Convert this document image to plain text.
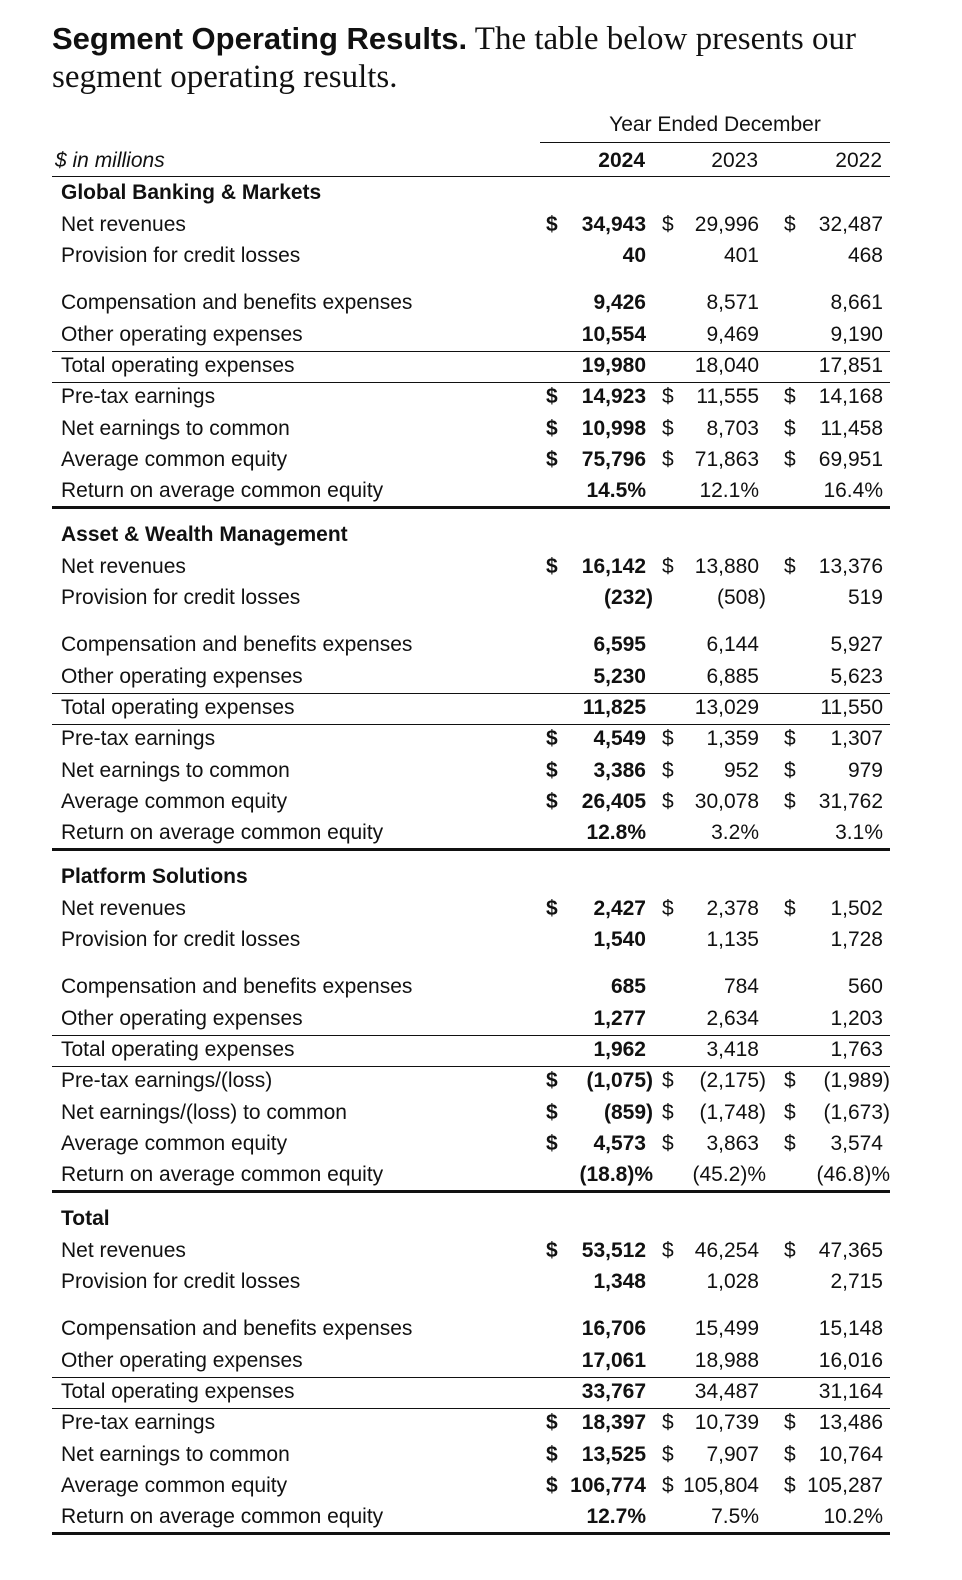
Segment Operating Results. The table below presents our segment operating results.
Year Ended December
$ in millions	2024	2023	2022
Global Banking & Markets
Net revenues	$ 34,943 $ 29,996 $ 32,487
Provision for credit losses	40	401	468
Compensation and benefits expenses	9,426	8,571	8,661
Other operating expenses	10,554	9,469	9,190
Total operating expenses	19,980 18,040	17,851
Pre-tax earnings	$ 14,923 $ 11,555 $ 14,168
Net earnings to common	$ 10,998 $ 8,703 $ 11,458
Average common equity	$ 75,796 $ 71,863 $ 69,951
Return on average common equity	14.5%	12.1%	16.4%
Asset & Wealth Management
Net revenues	$ 16,142 $ 13,880 $ 13,376
Provision for credit losses	(232)	(508)	519
Compensation and benefits expenses	6,595	6,144	5,927
Other operating expenses	5,230	6,885	5,623
Total operating expenses	11,825 13,029	11,550
Pre-tax earnings	$ 4,549 $ 1,359 $ 1,307
Net earnings to common	$ 3,386 $ 952 $ 979
Average common equity	$ 26,405 $ 30,078 $ 31,762
Return on average common equity	12.8%	3.2%	3.1%
Platform Solutions
Net revenues	$ 2,427 $ 2,378 $ 1,502
Provision for credit losses	1,540	1,135	1,728
Compensation and benefits expenses	685	784	560
Other operating expenses	1,277	2,634	1,203
Total operating expenses	1,962	3,418	1,763
Pre-tax earnings/(loss)	$ (1,075) $ (2,175) $ (1,989)
Net earnings/(loss) to common	$ (859) $ (1,748) $ (1,673)
Average common equity	$ 4,573 $ 3,863 $ 3,574
Return on average common equity	(18.8)% (45.2)% (46.8)%
Total
Net revenues	$ 53,512 $ 46,254 $ 47,365
Provision for credit losses	1,348	1,028	2,715
Compensation and benefits expenses	16,706 15,499	15,148
Other operating expenses	17,061 18,988	16,016
Total operating expenses	33,767 34,487	31,164
Pre-tax earnings	$ 18,397 $ 10,739 $ 13,486
Net earnings to common	$ 13,525 $ 7,907 $ 10,764
Average common equity	$ 106,774 $ 105,804 $ 105,287
Return on average common equity	12.7%	7.5%	10.2%
